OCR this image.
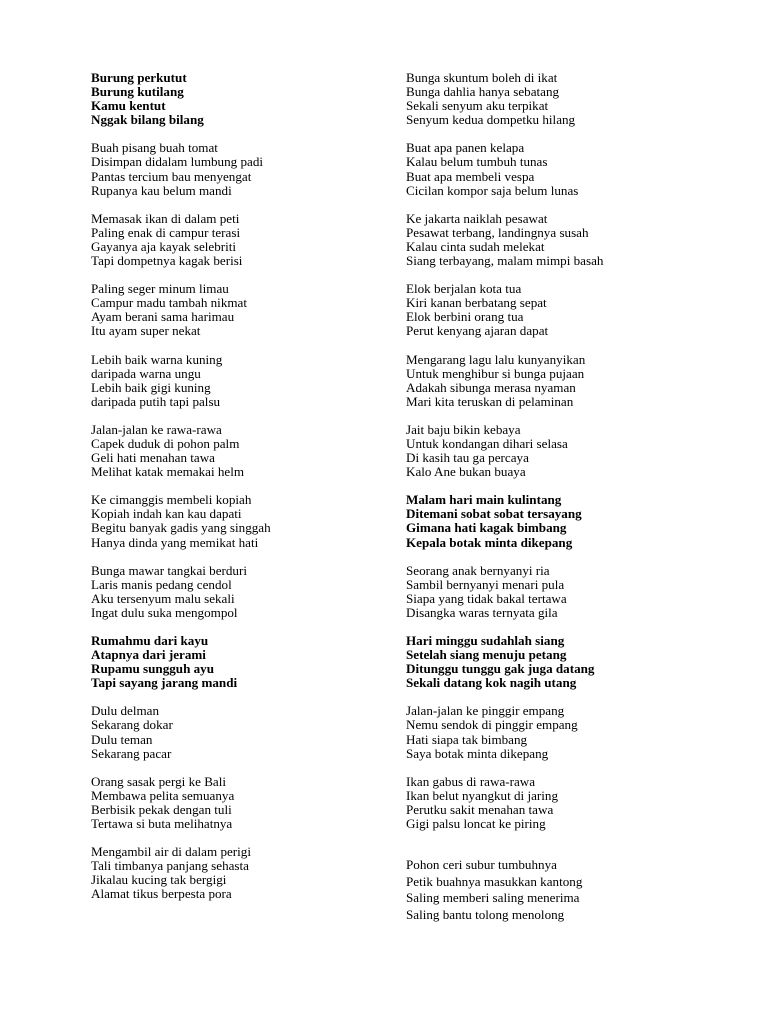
Burung perkutut
Burung kutilang
Kamu kentut
Nggak bilang bilang
Buah pisang buah tomat
Disimpan didalam lumbung padi
Pantas tercium bau menyengat
Rupanya kau belum mandi
Memasak ikan di dalam peti
Paling enak di campur terasi
Gayanya aja kayak selebriti
Tapi dompetnya kagak berisi
Paling seger minum limau
Campur madu tambah nikmat
Ayam berani sama harimau
Itu ayam super nekat
Lebih baik warna kuning
daripada warna ungu
Lebih baik gigi kuning
daripada putih tapi palsu
Jalan-jalan ke rawa-rawa
Capek duduk di pohon palm
Geli hati menahan tawa
Melihat katak memakai helm
Ke cimanggis membeli kopiah
Kopiah indah kan kau dapati
Begitu banyak gadis yang singgah
Hanya dinda yang memikat hati
Bunga mawar tangkai berduri
Laris manis pedang cendol
Aku tersenyum malu sekali
Ingat dulu suka mengompol
Rumahmu dari kayu
Atapnya dari jerami
Rupamu sungguh ayu
Tapi sayang jarang mandi
Dulu delman
Sekarang dokar
Dulu teman
Sekarang pacar
Orang sasak pergi ke Bali
Membawa pelita semuanya
Berbisik pekak dengan tuli
Tertawa si buta melihatnya
Mengambil air di dalam perigi
Tali timbanya panjang sehasta
Jikalau kucing tak bergigi
Alamat tikus berpesta pora
Bunga skuntum boleh di ikat
Bunga dahlia hanya sebatang
Sekali senyum aku terpikat
Senyum kedua dompetku hilang
Buat apa panen kelapa
Kalau belum tumbuh tunas
Buat apa membeli vespa
Cicilan kompor saja belum lunas
Ke jakarta naiklah pesawat
Pesawat terbang, landingnya susah
Kalau cinta sudah melekat
Siang terbayang, malam mimpi basah
Elok berjalan kota tua
Kiri kanan berbatang sepat
Elok berbini orang tua
Perut kenyang ajaran dapat
Mengarang lagu lalu kunyanyikan
Untuk menghibur si bunga pujaan
Adakah sibunga merasa nyaman
Mari kita teruskan di pelaminan
Jait baju bikin kebaya
Untuk kondangan dihari selasa
Di kasih tau ga percaya
Kalo Ane bukan buaya
Malam hari main kulintang
Ditemani sobat sobat tersayang
Gimana hati kagak bimbang
Kepala botak minta dikepang
Seorang anak bernyanyi ria
Sambil bernyanyi menari pula
Siapa yang tidak bakal tertawa
Disangka waras ternyata gila
Hari minggu sudahlah siang
Setelah siang menuju petang
Ditunggu tunggu gak juga datang
Sekali datang kok nagih utang
Jalan-jalan ke pinggir empang
Nemu sendok di pinggir empang
Hati siapa tak bimbang
Saya botak minta dikepang
Ikan gabus di rawa-rawa
Ikan belut nyangkut di jaring
Perutku sakit menahan tawa
Gigi palsu loncat ke piring
Pohon ceri subur tumbuhnya
Petik buahnya masukkan kantong
Saling memberi saling menerima
Saling bantu tolong menolong
